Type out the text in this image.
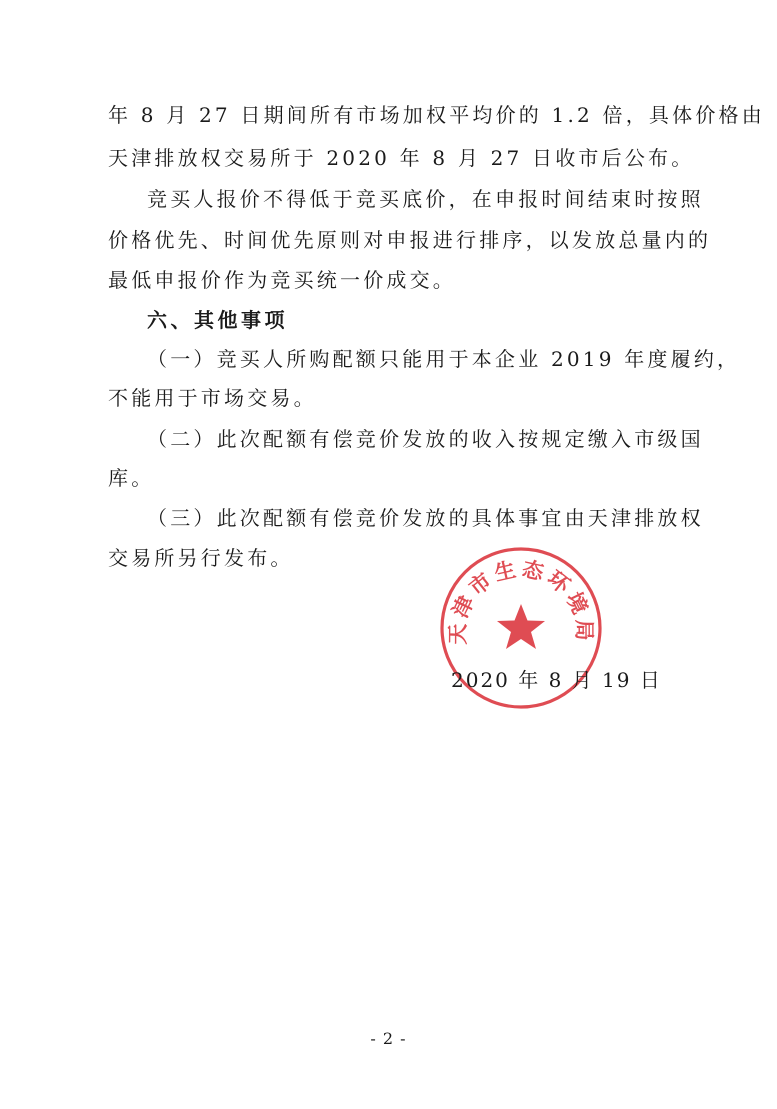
年 8 月 27 日期间所有市场加权平均价的 1.2 倍，具体价格由
天津排放权交易所于 2020 年 8 月 27 日收市后公布。
竞买人报价不得低于竞买底价，在申报时间结束时按照
价格优先、时间优先原则对申报进行排序，以发放总量内的
最低申报价作为竞买统一价成交。
六、其他事项
（一）竞买人所购配额只能用于本企业 2019 年度履约，
不能用于市场交易。
（二）此次配额有偿竞价发放的收入按规定缴入市级国
库。
（三）此次配额有偿竞价发放的具体事宜由天津排放权
交易所另行发布。
天津市生态环境局
2020 年 8 月 19 日
- 2 -
